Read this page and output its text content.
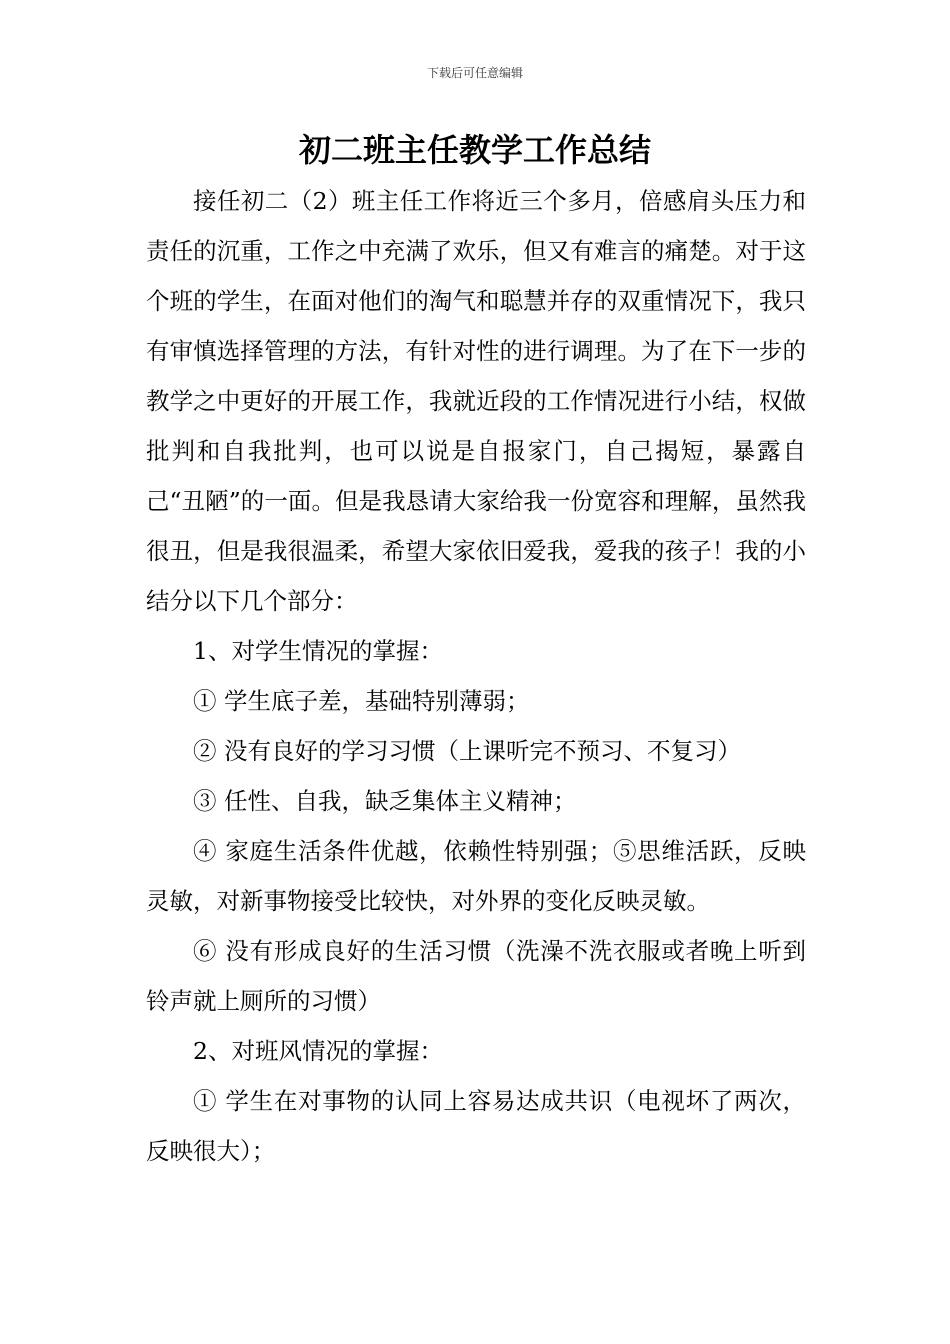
下载后可任意编辑
初二班主任教学工作总结

接任初二（2）班主任工作将近三个多月，倍感肩头压力和责任的沉重，工作之中充满了欢乐，但又有难言的痛楚。对于这个班的学生，在面对他们的淘气和聪慧并存的双重情况下，我只有审慎选择管理的方法，有针对性的进行调理。为了在下一步的教学之中更好的开展工作，我就近段的工作情况进行小结，权做批判和自我批判，也可以说是自报家门，自己揭短，暴露自己“丑陋”的一面。但是我恳请大家给我一份宽容和理解，虽然我很丑，但是我很温柔，希望大家依旧爱我，爱我的孩子！我的小结分以下几个部分：

1、对学生情况的掌握：

① 学生底子差，基础特别薄弱；

② 没有良好的学习习惯（上课听完不预习、不复习）

③ 任性、自我，缺乏集体主义精神；

④ 家庭生活条件优越，依赖性特别强；⑤思维活跃，反映灵敏，对新事物接受比较快，对外界的变化反映灵敏。

⑥ 没有形成良好的生活习惯（洗澡不洗衣服或者晚上听到铃声就上厕所的习惯）

2、对班风情况的掌握：

① 学生在对事物的认同上容易达成共识（电视坏了两次，反映很大）；
